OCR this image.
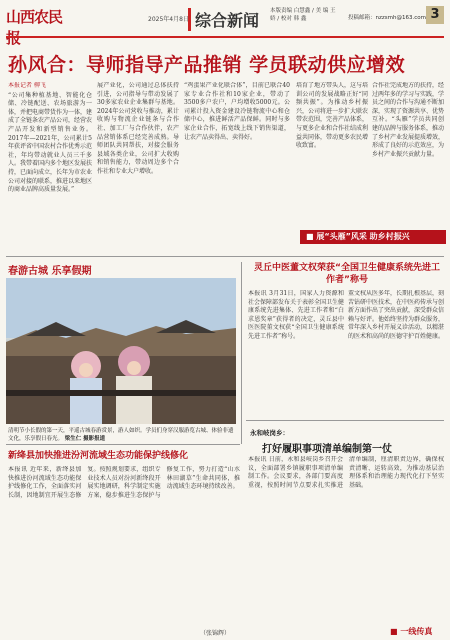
山西农民报
2025年4月8日 综合新闻 本版责编 白慧鑫 / 美 编 王 娇 / 校对 韩 鑫	投稿邮箱：nzzsmh@163.com 3
孙风合：导师指导产品推销 学员联动供应增效
本报记者 柳飞
“公司集种植基地、智能化仓储、冷链配送、农场旅游为一体，并把电商带货作为一体，建成了全链条农产品公司，经营农产品开发和新型销售业务。2017年—2021年，公司累计5年获评省中国农村合作优秀示范社，年均带动就业人员三千多人。我带着国内多个地区发展扶持，已面向成立，长年为市农业公司对接的联系，推进以来地区的商业品牌高质量发展。”
展产业化，公司通过总体扶持引进，公司指导与带动发展了30多家农业企业集群与基地。2024年公司营收与推动，累计收购与物流企业链条与合作社、加工厂与合作伙伴，农产品营销体系已经完善成熟。导师团队共同帮扶，对接会服务县域各类企业，公司扩大收购和销售能力，带动周边多个合作社和专业大户增收。
“鸡蛋果产业化联合体”，目前已联合40家专业合作社和10家企业，带动了3500多户农户，户均增收5000元。公司累计投入资金建设冷链物流中心和仓储中心，推进鲜活产品保鲜。同时与多家企业合作，拓宽线上线下销售渠道，让农产品卖得出、卖得好。
培育了地方带头人，这与培训公司的发展战略正好“同频共振”。为推动乡村振兴，公司将进一步扩大联农带农范围，完善产品体系，与更多企业和合作社结成利益共同体，带动更多农民增收致富。
合作社完成地方的扶持，经过两年多的学习与实践，学员之间的合作与沟通不断加深，实现了资源共享、优势互补。“头雁”学员共同创建的品牌与服务体系，推动了乡村产业发展提质增效，形成了良好的示范效应，为乡村产业振兴贡献力量。
■ 展“头雁”风采 助乡村振兴
春游古城 乐享假期
清明节小长假的第一天，平遥古城春游赏景，游人如织。学员们身穿汉服游览古城、体验非遗文化，乐享假日春光。 梁生仁 摄影报道
灵丘中医董文权荣获“全国卫生健康系统先进工作者”称号
本报讯 3月31日，国家人力资源和社会保障部发布关于表彰全国卫生健康系统先进集体、先进工作者和“白求恩奖章”获得者的决定，灵丘县中医医院董文权获“全国卫生健康系统先进工作者”称号。
董文权从医多年，长期扎根基层，刻苦钻研中医技术，在中医药传承与创新方面作出了突出贡献，深受群众信赖与好评。他始终坚持为群众服务，常年深入乡村开展义诊活动，以精湛的医术和高尚的医德守护百姓健康。
永和岐岗乡：
打好履职事项清单编制第一仗
本报讯 日前，永和县岐岗乡召开会议，全面部署乡镇履职事项清单编制工作。会议要求，各部门要高度重视，按照时间节点要求扎实推进清单编制，厘清职责边界，确保权责清晰、运转高效，为推动基层治理体系和治理能力现代化打下坚实基础。
■ 一线传真
新绛县加快推进汾河流域生态功能保护线修化
本报讯 近年来，新绛县加快推进汾河流域生态功能保护线修化工作，全面落实河长制，因地制宜开展生态修复。按照规划要求，组织专业技术人员对汾河新绛段开展实地调研，科学制定实施方案，稳步推进生态保护与修复工作，努力打造“山水林田湖草”生命共同体，推动流域生态环境持续改善。
（张锦辉）
